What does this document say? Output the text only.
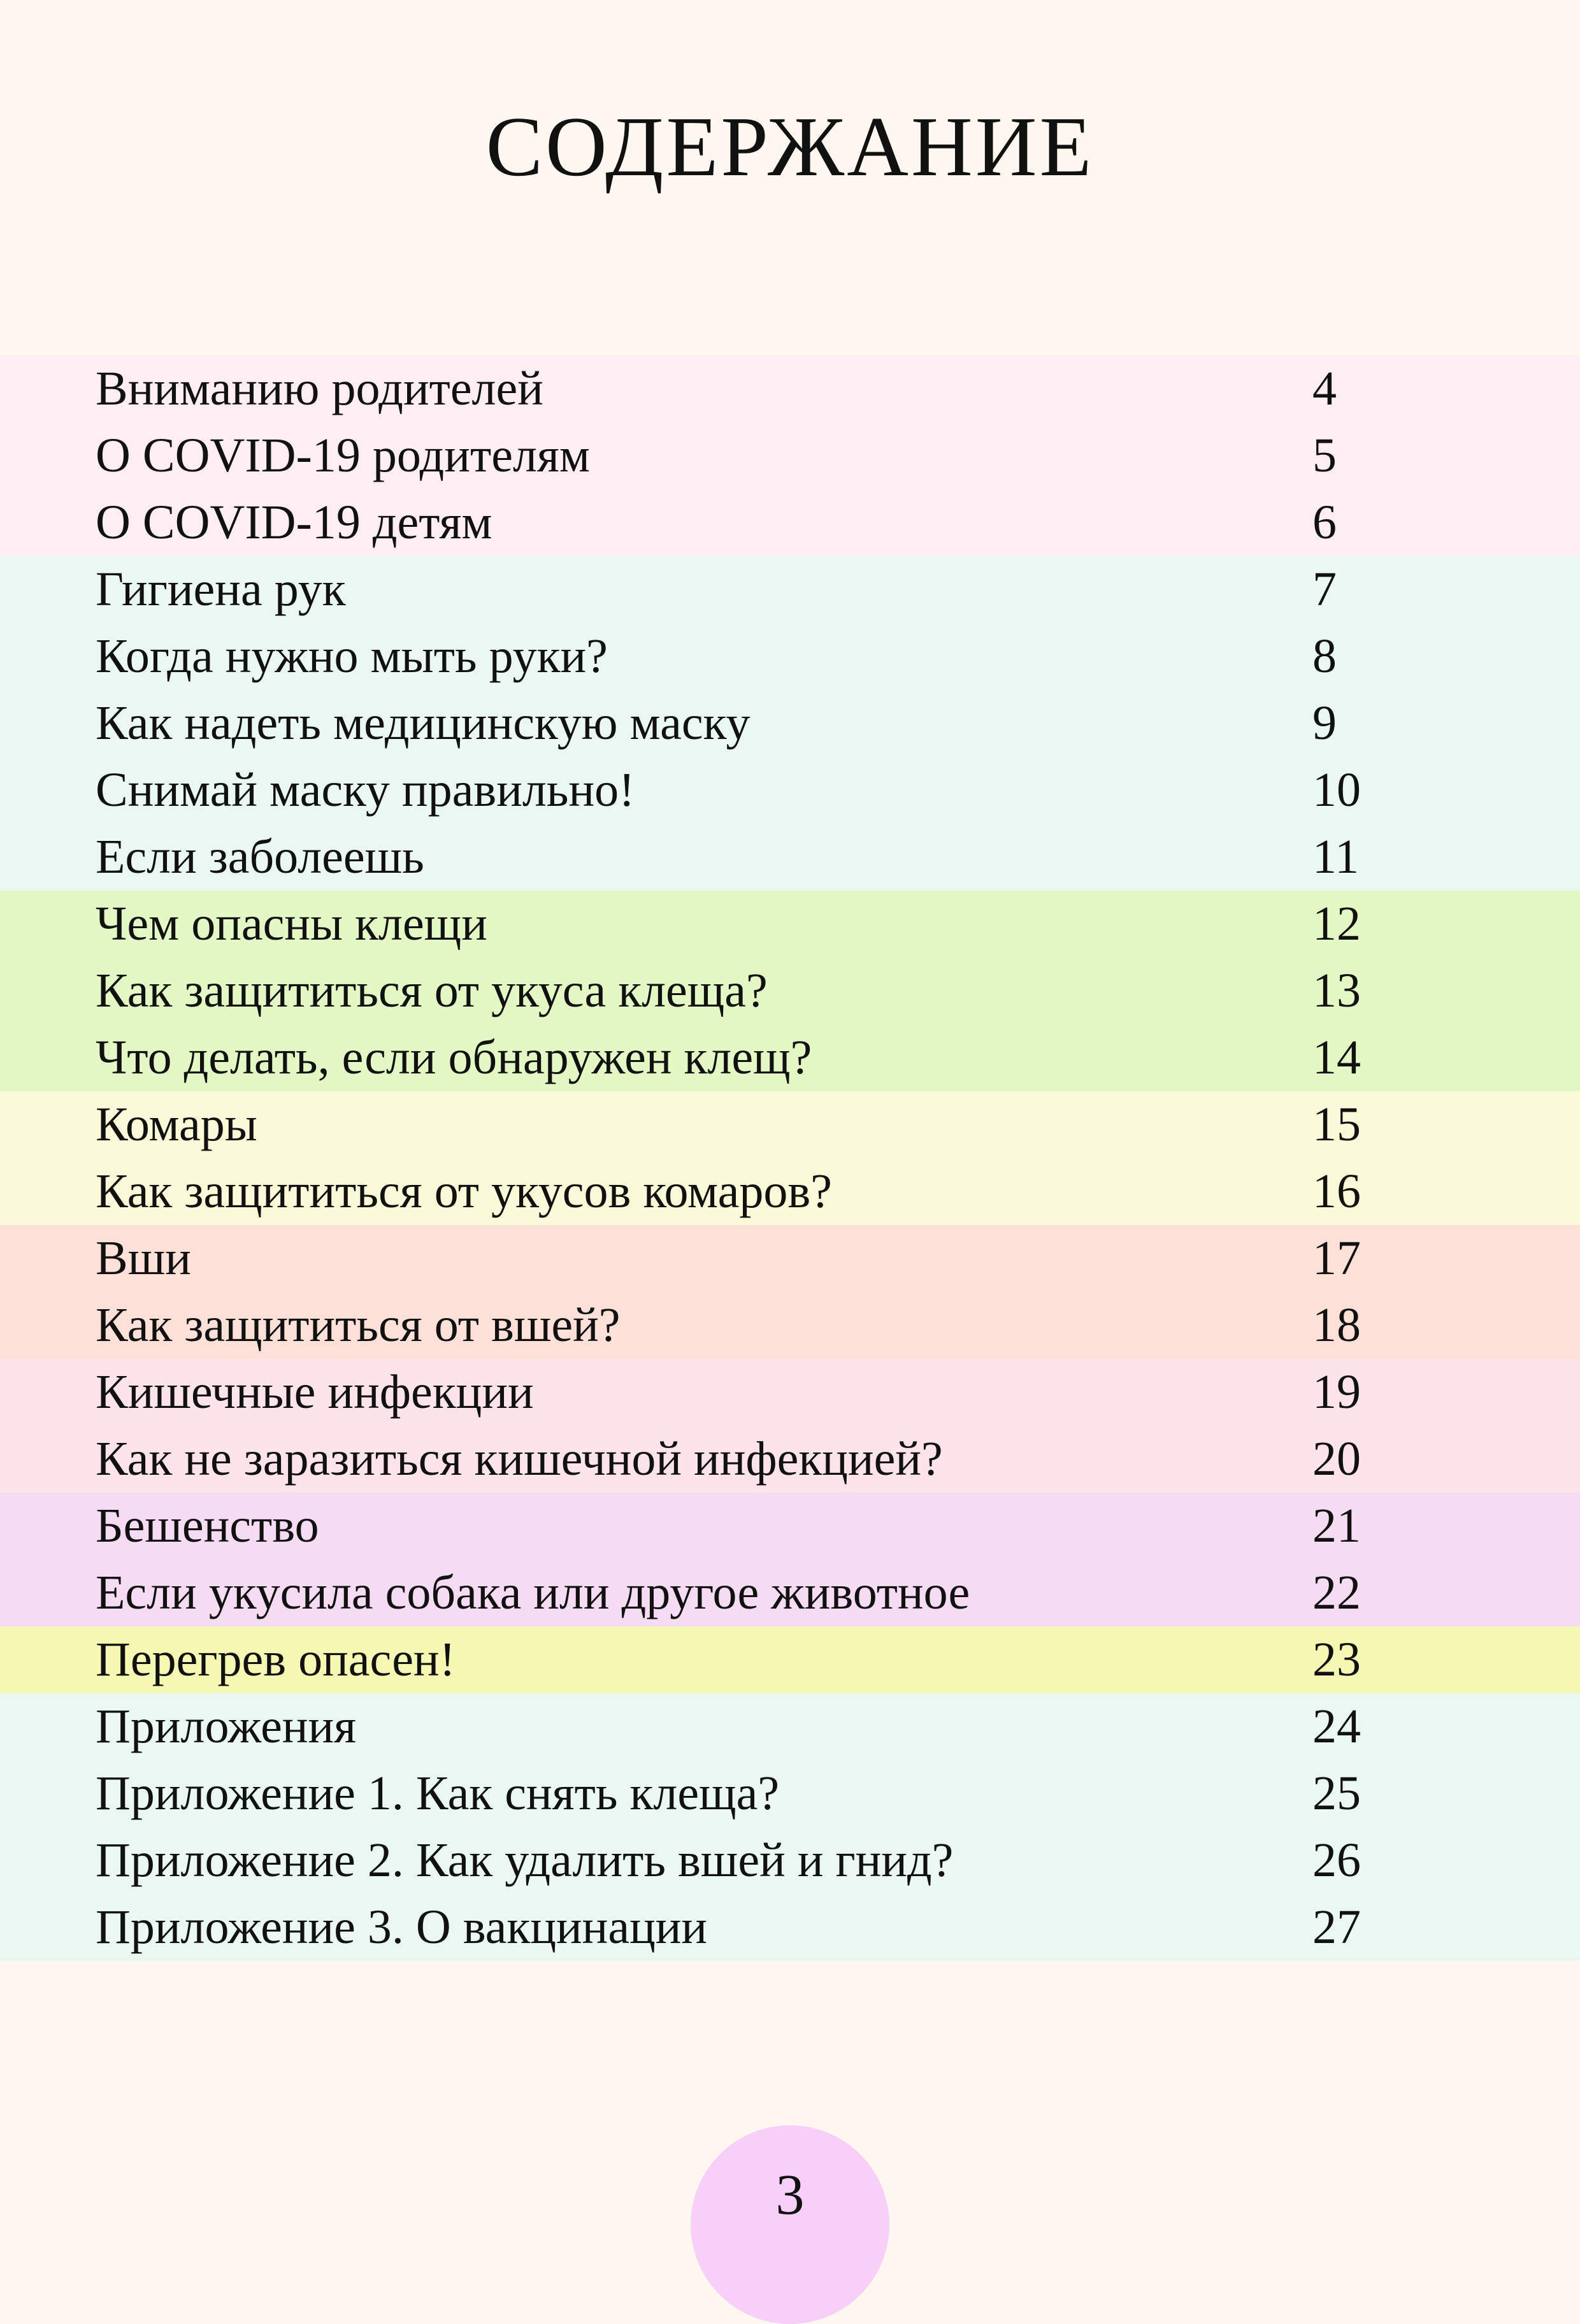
СОДЕРЖАНИЕ
Вниманию родителей	4
О COVID-19 родителям	5
О COVID-19 детям	6
Гигиена рук	7
Когда нужно мыть руки?	8
Как надеть медицинскую маску	9
Снимай маску правильно!	10
Если заболеешь	11
Чем опасны клещи	12
Как защититься от укуса клеща?	13
Что делать, если обнаружен клещ?	14
Комары	15
Как защититься от укусов комаров?	16
Вши	17
Как защититься от вшей?	18
Кишечные инфекции	19
Как не заразиться кишечной инфекцией?	20
Бешенство	21
Если укусила собака или другое животное	22
Перегрев опасен!	23
Приложения	24
Приложение 1. Как снять клеща?	25
Приложение 2. Как удалить вшей и гнид?	26
Приложение 3. О вакцинации	27
3
